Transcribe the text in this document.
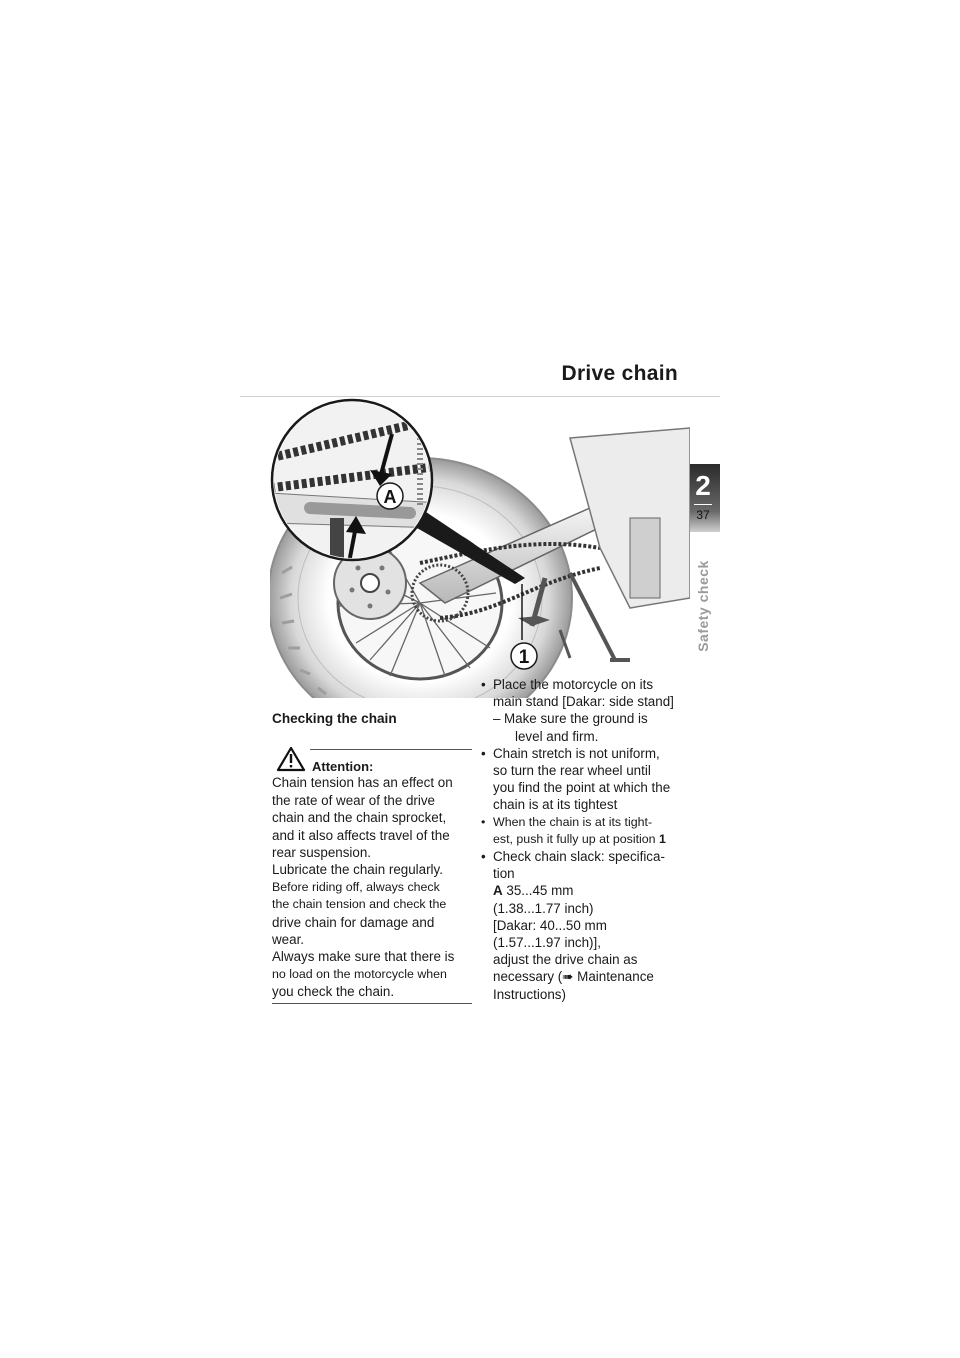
Drive chain
2
37
Safety check
1
A
Checking the chain
Attention:

Chain tension has an effect on

the rate of wear of the drive

chain and the chain sprocket,

and it also affects travel of the

rear suspension.

Lubricate the chain regularly.

Before riding off, always check

the chain tension and check the

drive chain for damage and

wear.

Always make sure that there is

no load on the motorcycle when

you check the chain.

• Place the motorcycle on its
main stand [Dakar: side stand]
– Make sure the ground is
level and firm.
• Chain stretch is not uniform,
so turn the rear wheel until
you find the point at which the
chain is at its tightest
• When the chain is at its tight-
est, push it fully up at position 1
• Check chain slack: specifica-
tion
A 35...45 mm
(1.38...1.77 inch)
[Dakar: 40...50 mm
(1.57...1.97 inch)],
adjust the drive chain as
necessary (➠ Maintenance
Instructions)
